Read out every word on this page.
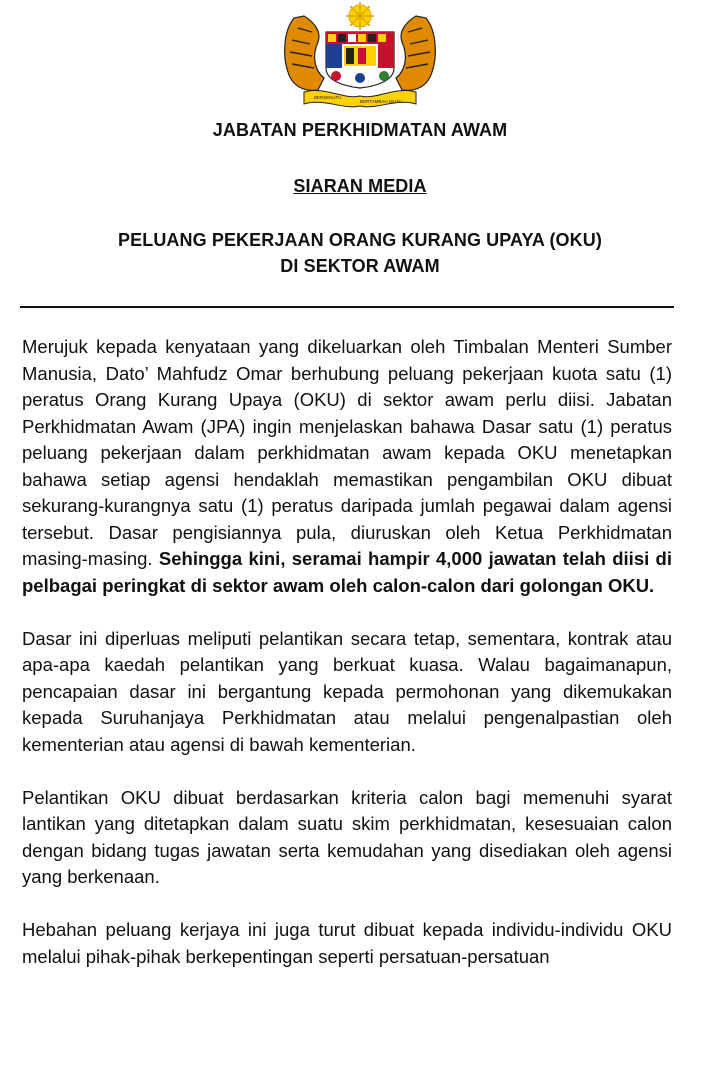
BERSEKUTU
BERTAMBAH MUTU
JABATAN PERKHIDMATAN AWAM
SIARAN MEDIA
PELUANG PEKERJAAN ORANG KURANG UPAYA (OKU)
DI SEKTOR AWAM

Merujuk kepada kenyataan yang dikeluarkan oleh Timbalan Menteri Sumber Manusia, Dato’ Mahfudz Omar berhubung peluang pekerjaan kuota satu (1) peratus Orang Kurang Upaya (OKU) di sektor awam perlu diisi. Jabatan Perkhidmatan Awam (JPA) ingin menjelaskan bahawa Dasar satu (1) peratus peluang pekerjaan dalam perkhidmatan awam kepada OKU menetapkan bahawa setiap agensi hendaklah memastikan pengambilan OKU dibuat sekurang-kurangnya satu (1) peratus daripada jumlah pegawai dalam agensi tersebut. Dasar pengisiannya pula, diuruskan oleh Ketua Perkhidmatan masing-masing. Sehingga kini, seramai hampir 4,000 jawatan telah diisi di pelbagai peringkat di sektor awam oleh calon-calon dari golongan OKU.

Dasar ini diperluas meliputi pelantikan secara tetap, sementara, kontrak atau apa-apa kaedah pelantikan yang berkuat kuasa. Walau bagaimanapun, pencapaian dasar ini bergantung kepada permohonan yang dikemukakan kepada Suruhanjaya Perkhidmatan atau melalui pengenalpastian oleh kementerian atau agensi di bawah kementerian.

Pelantikan OKU dibuat berdasarkan kriteria calon bagi memenuhi syarat lantikan yang ditetapkan dalam suatu skim perkhidmatan, kesesuaian calon dengan bidang tugas jawatan serta kemudahan yang disediakan oleh agensi yang berkenaan.

Hebahan peluang kerjaya ini juga turut dibuat kepada individu-individu OKU melalui pihak-pihak berkepentingan seperti persatuan-persatuan
